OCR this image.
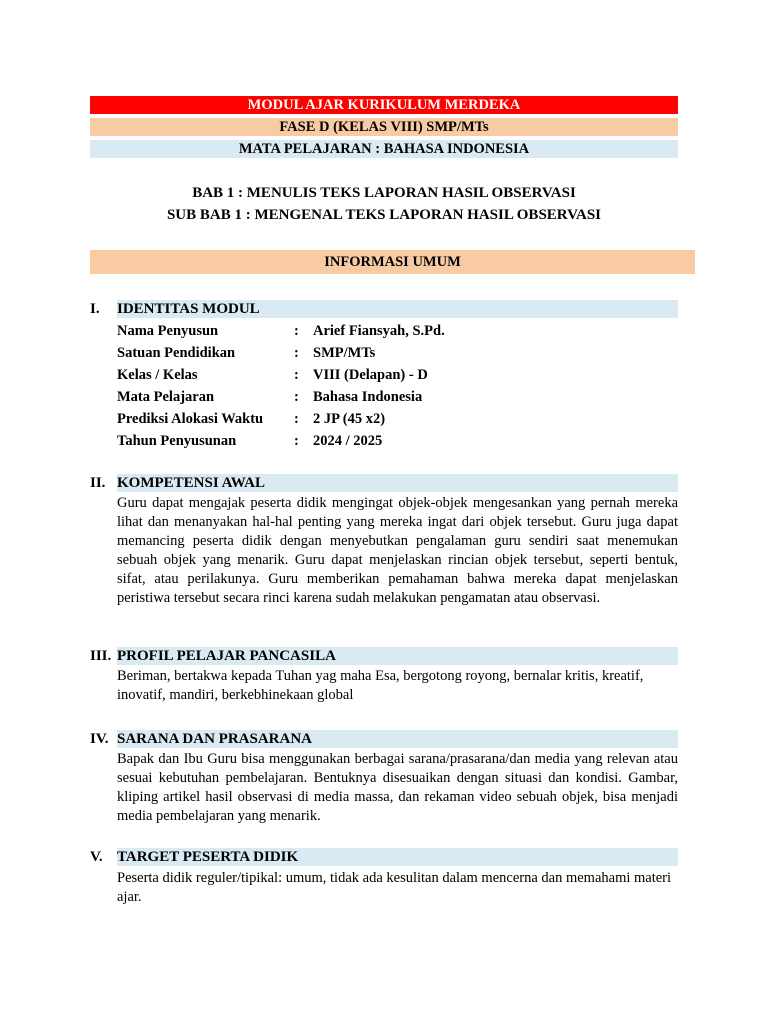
MODUL AJAR KURIKULUM MERDEKA
FASE D (KELAS VIII) SMP/MTs
MATA PELAJARAN : BAHASA INDONESIA
BAB 1 : MENULIS TEKS LAPORAN HASIL OBSERVASI
SUB BAB 1 : MENGENAL TEKS LAPORAN HASIL OBSERVASI
INFORMASI UMUM
I. IDENTITAS MODUL
Nama Penyusun	: Arief Fiansyah, S.Pd.
Satuan Pendidikan	: SMP/MTs
Kelas / Kelas	: VIII (Delapan) - D
Mata Pelajaran	: Bahasa Indonesia
Prediksi Alokasi Waktu : 2 JP (45 x2)
Tahun Penyusunan	: 2024 / 2025
II. KOMPETENSI AWAL
Guru dapat mengajak peserta didik mengingat objek-objek mengesankan yang pernah mereka lihat dan menanyakan hal-hal penting yang mereka ingat dari objek tersebut. Guru juga dapat memancing peserta didik dengan menyebutkan pengalaman guru sendiri saat menemukan sebuah objek yang menarik. Guru dapat menjelaskan rincian objek tersebut, seperti bentuk, sifat, atau perilakunya. Guru memberikan pemahaman bahwa mereka dapat menjelaskan peristiwa tersebut secara rinci karena sudah melakukan pengamatan atau observasi.
III. PROFIL PELAJAR PANCASILA
Beriman, bertakwa kepada Tuhan yag maha Esa, bergotong royong, bernalar kritis, kreatif, inovatif, mandiri, berkebhinekaan global
IV. SARANA DAN PRASARANA
Bapak dan Ibu Guru bisa menggunakan berbagai sarana/prasarana/dan media yang relevan atau sesuai kebutuhan pembelajaran. Bentuknya disesuaikan dengan situasi dan kondisi. Gambar, kliping artikel hasil observasi di media massa, dan rekaman video sebuah objek, bisa menjadi media pembelajaran yang menarik.
V. TARGET PESERTA DIDIK
Peserta didik reguler/tipikal: umum, tidak ada kesulitan dalam mencerna dan memahami materi ajar.
